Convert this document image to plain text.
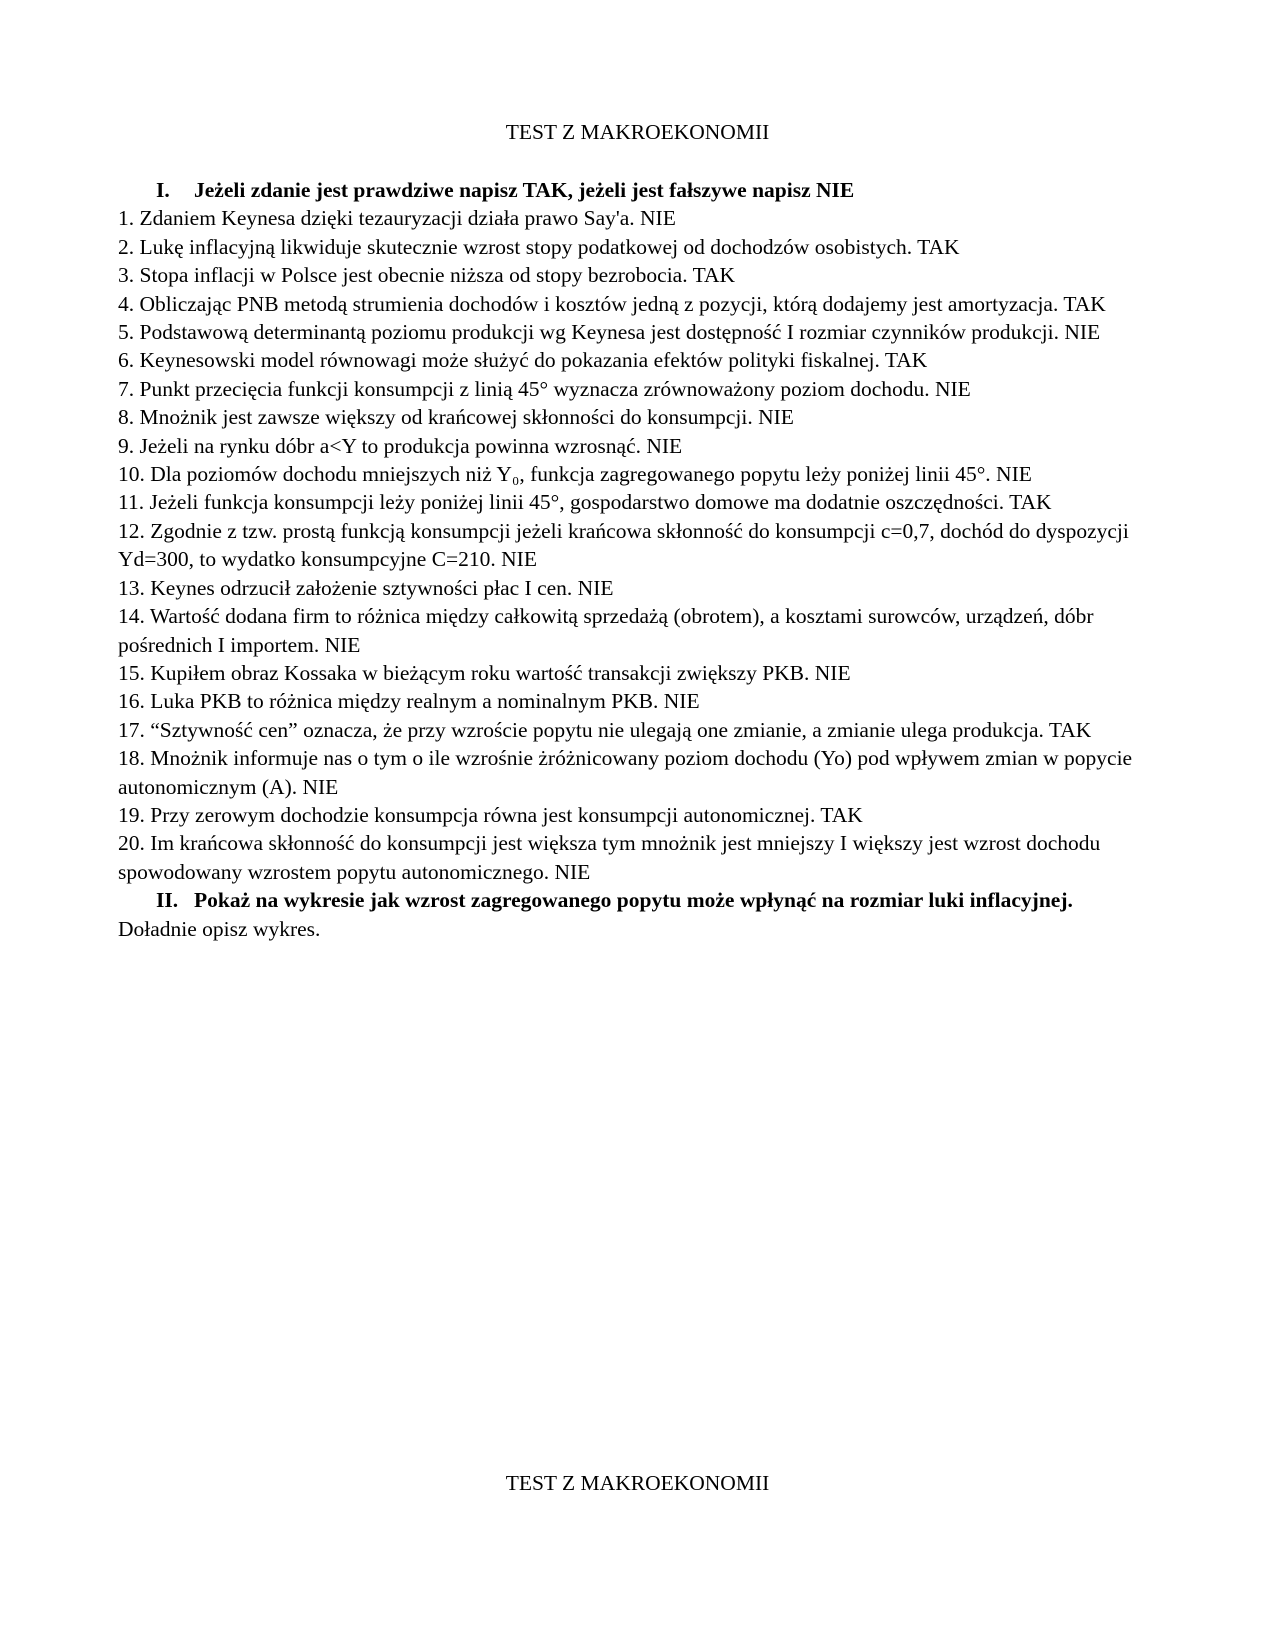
TEST Z MAKROEKONOMII
I.	Jeżeli zdanie jest prawdziwe napisz TAK, jeżeli jest fałszywe napisz NIE

1. Zdaniem Keynesa dzięki tezauryzacji działa prawo Say'a. NIE

2. Lukę inflacyjną likwiduje skutecznie wzrost stopy podatkowej od dochodzów osobistych. TAK

3. Stopa inflacji w Polsce jest obecnie niższa od stopy bezrobocia. TAK

4. Obliczając PNB metodą strumienia dochodów i kosztów jedną z pozycji, którą dodajemy jest amortyzacja. TAK

5. Podstawową determinantą poziomu produkcji wg Keynesa jest dostępność I rozmiar czynników produkcji. NIE

6. Keynesowski model równowagi może służyć do pokazania efektów polityki fiskalnej. TAK

7. Punkt przecięcia funkcji konsumpcji z linią 45° wyznacza zrównoważony poziom dochodu. NIE

8. Mnożnik jest zawsze większy od krańcowej skłonności do konsumpcji. NIE

9. Jeżeli na rynku dóbr a<Y to produkcja powinna wzrosnąć. NIE

10. Dla poziomów dochodu mniejszych niż Y₀, funkcja zagregowanego popytu leży poniżej linii 45°. NIE

11. Jeżeli funkcja konsumpcji leży poniżej linii 45°, gospodarstwo domowe ma dodatnie oszczędności. TAK

12. Zgodnie z tzw. prostą funkcją konsumpcji jeżeli krańcowa skłonność do konsumpcji c=0,7, dochód do dyspozycji Yd=300, to wydatko konsumpcyjne C=210. NIE

13. Keynes odrzucił założenie sztywności płac I cen. NIE

14. Wartość dodana firm to różnica między całkowitą sprzedażą (obrotem), a kosztami surowców, urządzeń, dóbr pośrednich I importem. NIE

15. Kupiłem obraz Kossaka w bieżącym roku wartość transakcji zwiększy PKB. NIE

16. Luka PKB to różnica między realnym a nominalnym PKB. NIE

17. “Sztywność cen” oznacza, że przy wzroście popytu nie ulegają one zmianie, a zmianie ulega produkcja. TAK

18. Mnożnik informuje nas o tym o ile wzrośnie żróżnicowany poziom dochodu (Yo) pod wpływem zmian w popycie autonomicznym (A). NIE

19. Przy zerowym dochodzie konsumpcja równa jest konsumpcji autonomicznej. TAK

20. Im krańcowa skłonność do konsumpcji jest większa tym mnożnik jest mniejszy I większy jest wzrost dochodu spowodowany wzrostem popytu autonomicznego. NIE

II. Pokaż na wykresie jak wzrost zagregowanego popytu może wpłynąć na rozmiar luki inflacyjnej.

Doładnie opisz wykres.

TEST Z MAKROEKONOMII
